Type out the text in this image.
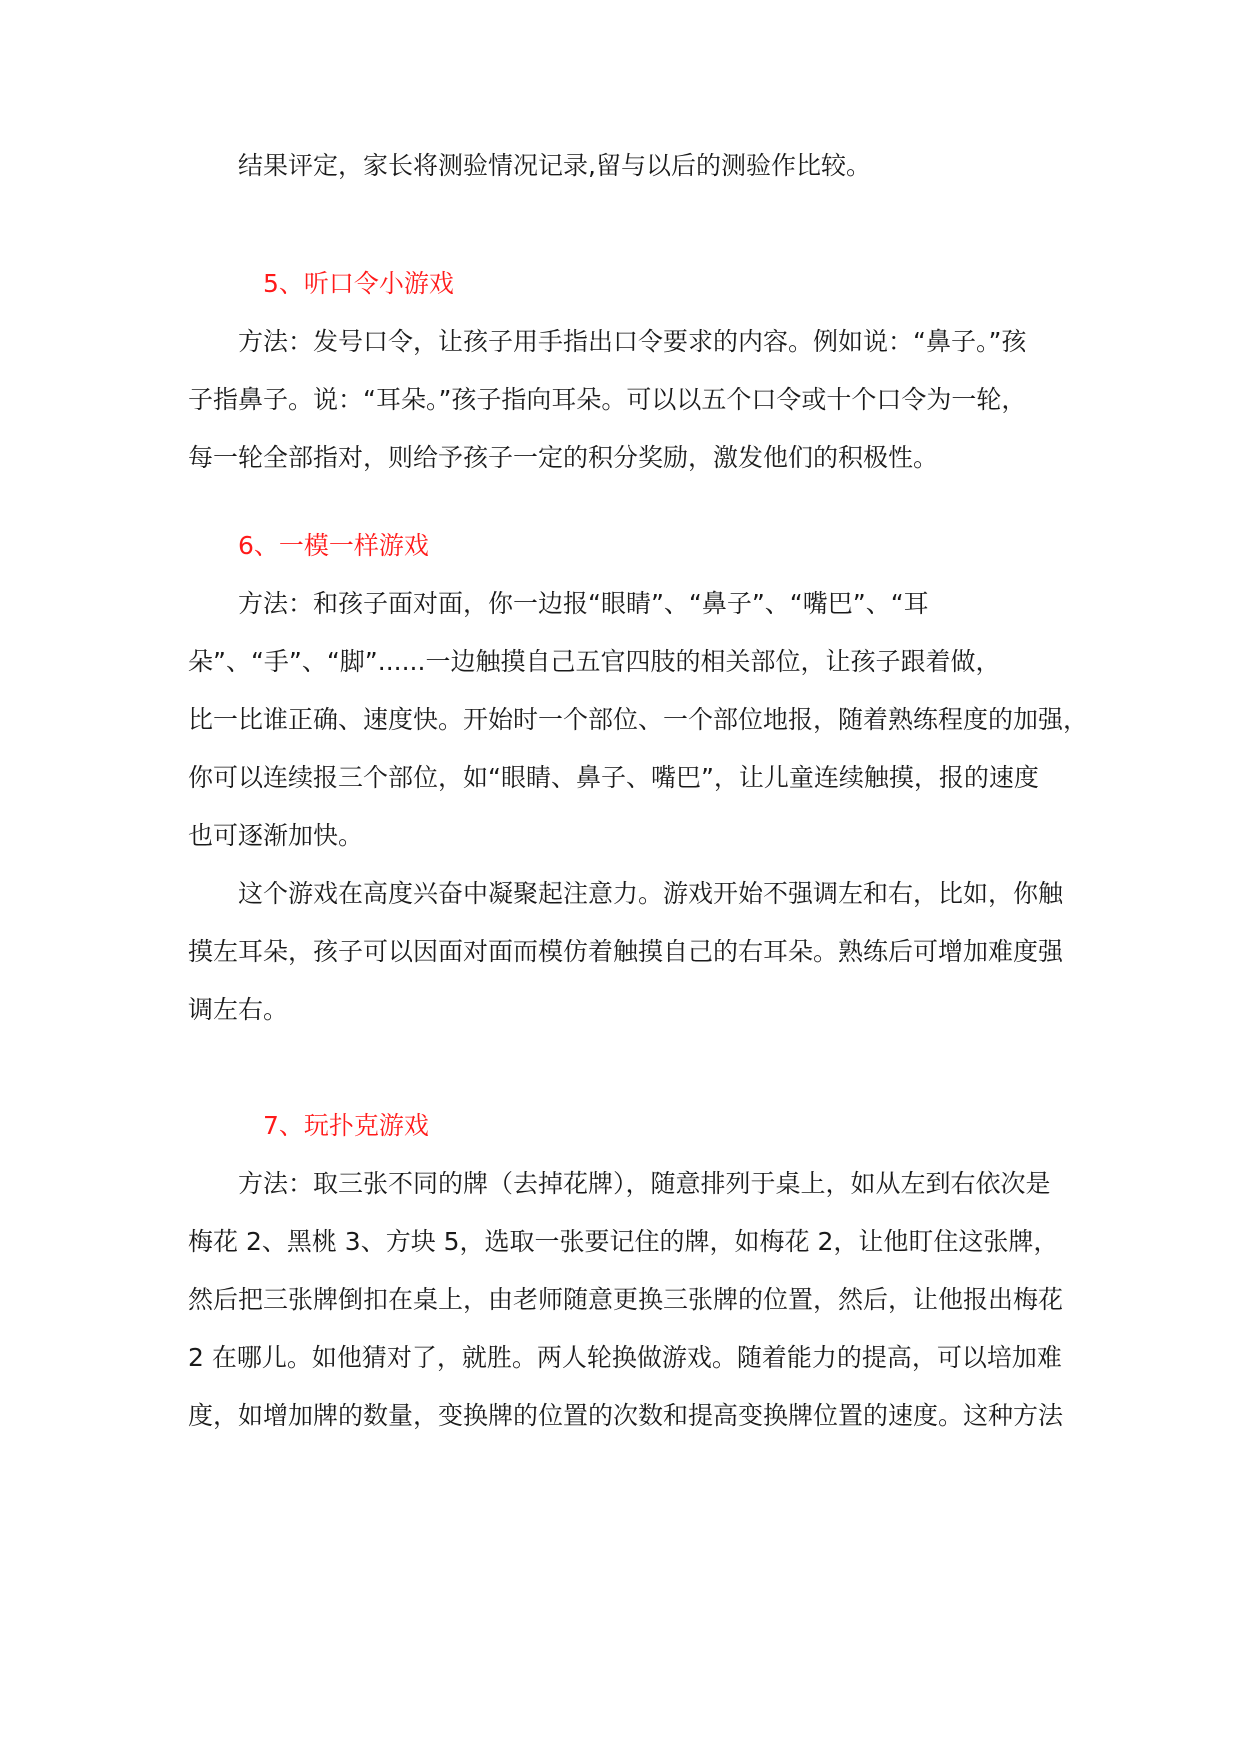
　　结果评定，家长将测验情况记录,留与以后的测验作比较。
　　　5、听口令小游戏
　　方法：发号口令，让孩子用手指出口令要求的内容。例如说：“鼻子。”孩
子指鼻子。说：“耳朵。”孩子指向耳朵。可以以五个口令或十个口令为一轮，
每一轮全部指对，则给予孩子一定的积分奖励，激发他们的积极性。
　　6、一模一样游戏
　　方法：和孩子面对面，你一边报“眼睛”、“鼻子”、“嘴巴”、“耳
朵”、“手”、“脚”......一边触摸自己五官四肢的相关部位，让孩子跟着做，
比一比谁正确、速度快。开始时一个部位、一个部位地报，随着熟练程度的加强，
你可以连续报三个部位，如“眼睛、鼻子、嘴巴”，让儿童连续触摸，报的速度
也可逐渐加快。
　　这个游戏在高度兴奋中凝聚起注意力。游戏开始不强调左和右，比如，你触
摸左耳朵，孩子可以因面对面而模仿着触摸自己的右耳朵。熟练后可增加难度强
调左右。
　　　7、玩扑克游戏
　　方法：取三张不同的牌（去掉花牌），随意排列于桌上，如从左到右依次是
梅花 2、黑桃 3、方块 5，选取一张要记住的牌，如梅花 2，让他盯住这张牌，
然后把三张牌倒扣在桌上，由老师随意更换三张牌的位置，然后，让他报出梅花
2 在哪儿。如他猜对了，就胜。两人轮换做游戏。随着能力的提高，可以培加难
度，如增加牌的数量，变换牌的位置的次数和提高变换牌位置的速度。这种方法
